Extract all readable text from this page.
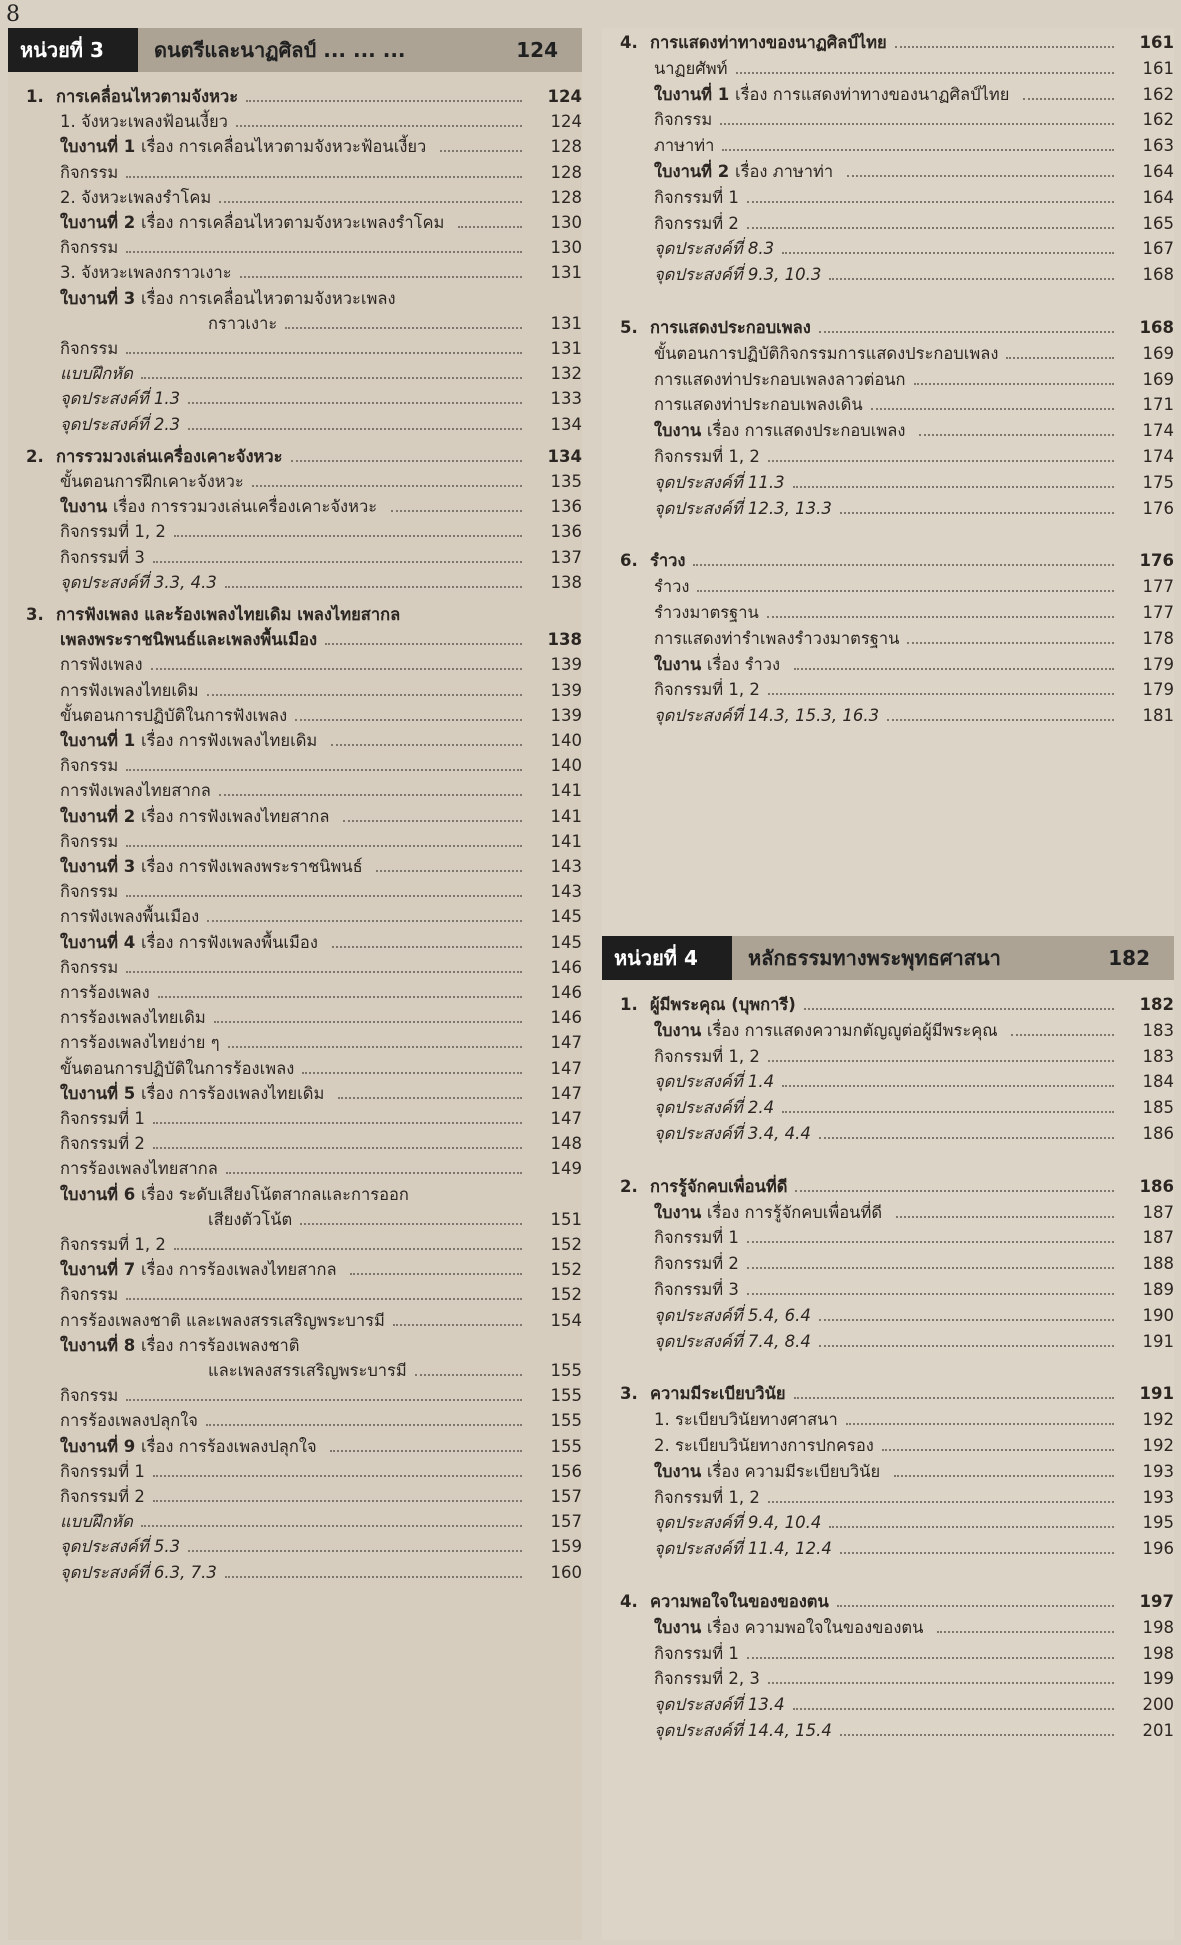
8
หน่วยที่ 3	ดนตรีและนาฏศิลป์ ... ... ...	124
1. การเคลื่อนไหวตามจังหวะ	124
1. จังหวะเพลงฟ้อนเงี้ยว	124
ใบงานที่ 1 เรื่อง การเคลื่อนไหวตามจังหวะฟ้อนเงี้ยว	128
กิจกรรม	128
2. จังหวะเพลงรำโคม	128
ใบงานที่ 2 เรื่อง การเคลื่อนไหวตามจังหวะเพลงรำโคม	130
กิจกรรม	130
3. จังหวะเพลงกราวเงาะ	131
ใบงานที่ 3 เรื่อง การเคลื่อนไหวตามจังหวะเพลง
กราวเงาะ	131
กิจกรรม	131
แบบฝึกหัด	132
จุดประสงค์ที่ 1.3	133
จุดประสงค์ที่ 2.3	134
2. การรวมวงเล่นเครื่องเคาะจังหวะ	134
ขั้นตอนการฝึกเคาะจังหวะ	135
ใบงาน เรื่อง การรวมวงเล่นเครื่องเคาะจังหวะ	136
กิจกรรมที่ 1, 2	136
กิจกรรมที่ 3	137
จุดประสงค์ที่ 3.3, 4.3	138
3. การฟังเพลง และร้องเพลงไทยเดิม เพลงไทยสากล
เพลงพระราชนิพนธ์และเพลงพื้นเมือง	138
การฟังเพลง	139
การฟังเพลงไทยเดิม	139
ขั้นตอนการปฏิบัติในการฟังเพลง	139
ใบงานที่ 1 เรื่อง การฟังเพลงไทยเดิม	140
กิจกรรม	140
การฟังเพลงไทยสากล	141
ใบงานที่ 2 เรื่อง การฟังเพลงไทยสากล	141
กิจกรรม	141
ใบงานที่ 3 เรื่อง การฟังเพลงพระราชนิพนธ์	143
กิจกรรม	143
การฟังเพลงพื้นเมือง	145
ใบงานที่ 4 เรื่อง การฟังเพลงพื้นเมือง	145
กิจกรรม	146
การร้องเพลง	146
การร้องเพลงไทยเดิม	146
การร้องเพลงไทยง่าย ๆ	147
ขั้นตอนการปฏิบัติในการร้องเพลง	147
ใบงานที่ 5 เรื่อง การร้องเพลงไทยเดิม	147
กิจกรรมที่ 1	147
กิจกรรมที่ 2	148
การร้องเพลงไทยสากล	149
ใบงานที่ 6 เรื่อง ระดับเสียงโน้ตสากลและการออก
เสียงตัวโน้ต	151
กิจกรรมที่ 1, 2	152
ใบงานที่ 7 เรื่อง การร้องเพลงไทยสากล	152
กิจกรรม	152
การร้องเพลงชาติ และเพลงสรรเสริญพระบารมี	154
ใบงานที่ 8 เรื่อง การร้องเพลงชาติ
และเพลงสรรเสริญพระบารมี	155
กิจกรรม	155
การร้องเพลงปลุกใจ	155
ใบงานที่ 9 เรื่อง การร้องเพลงปลุกใจ	155
กิจกรรมที่ 1	156
กิจกรรมที่ 2	157
แบบฝึกหัด	157
จุดประสงค์ที่ 5.3	159
จุดประสงค์ที่ 6.3, 7.3	160
4. การแสดงท่าทางของนาฏศิลป์ไทย	161
นาฏยศัพท์	161
ใบงานที่ 1 เรื่อง การแสดงท่าทางของนาฏศิลป์ไทย	162
กิจกรรม	162
ภาษาท่า	163
ใบงานที่ 2 เรื่อง ภาษาท่า	164
กิจกรรมที่ 1	164
กิจกรรมที่ 2	165
จุดประสงค์ที่ 8.3	167
จุดประสงค์ที่ 9.3, 10.3	168
5. การแสดงประกอบเพลง	168
ขั้นตอนการปฏิบัติกิจกรรมการแสดงประกอบเพลง	169
การแสดงท่าประกอบเพลงลาวต่อนก	169
การแสดงท่าประกอบเพลงเดิน	171
ใบงาน เรื่อง การแสดงประกอบเพลง	174
กิจกรรมที่ 1, 2	174
จุดประสงค์ที่ 11.3	175
จุดประสงค์ที่ 12.3, 13.3	176
6. รำวง	176
รำวง	177
รำวงมาตรฐาน	177
การแสดงท่ารำเพลงรำวงมาตรฐาน	178
ใบงาน เรื่อง รำวง	179
กิจกรรมที่ 1, 2	179
จุดประสงค์ที่ 14.3, 15.3, 16.3	181
หน่วยที่ 4	หลักธรรมทางพระพุทธศาสนา	182
1. ผู้มีพระคุณ (บุพการี)	182
ใบงาน เรื่อง การแสดงความกตัญญูต่อผู้มีพระคุณ	183
กิจกรรมที่ 1, 2	183
จุดประสงค์ที่ 1.4	184
จุดประสงค์ที่ 2.4	185
จุดประสงค์ที่ 3.4, 4.4	186
2. การรู้จักคบเพื่อนที่ดี	186
ใบงาน เรื่อง การรู้จักคบเพื่อนที่ดี	187
กิจกรรมที่ 1	187
กิจกรรมที่ 2	188
กิจกรรมที่ 3	189
จุดประสงค์ที่ 5.4, 6.4	190
จุดประสงค์ที่ 7.4, 8.4	191
3. ความมีระเบียบวินัย	191
1. ระเบียบวินัยทางศาสนา	192
2. ระเบียบวินัยทางการปกครอง	192
ใบงาน เรื่อง ความมีระเบียบวินัย	193
กิจกรรมที่ 1, 2	193
จุดประสงค์ที่ 9.4, 10.4	195
จุดประสงค์ที่ 11.4, 12.4	196
4. ความพอใจในของของตน	197
ใบงาน เรื่อง ความพอใจในของของตน	198
กิจกรรมที่ 1	198
กิจกรรมที่ 2, 3	199
จุดประสงค์ที่ 13.4	200
จุดประสงค์ที่ 14.4, 15.4	201
